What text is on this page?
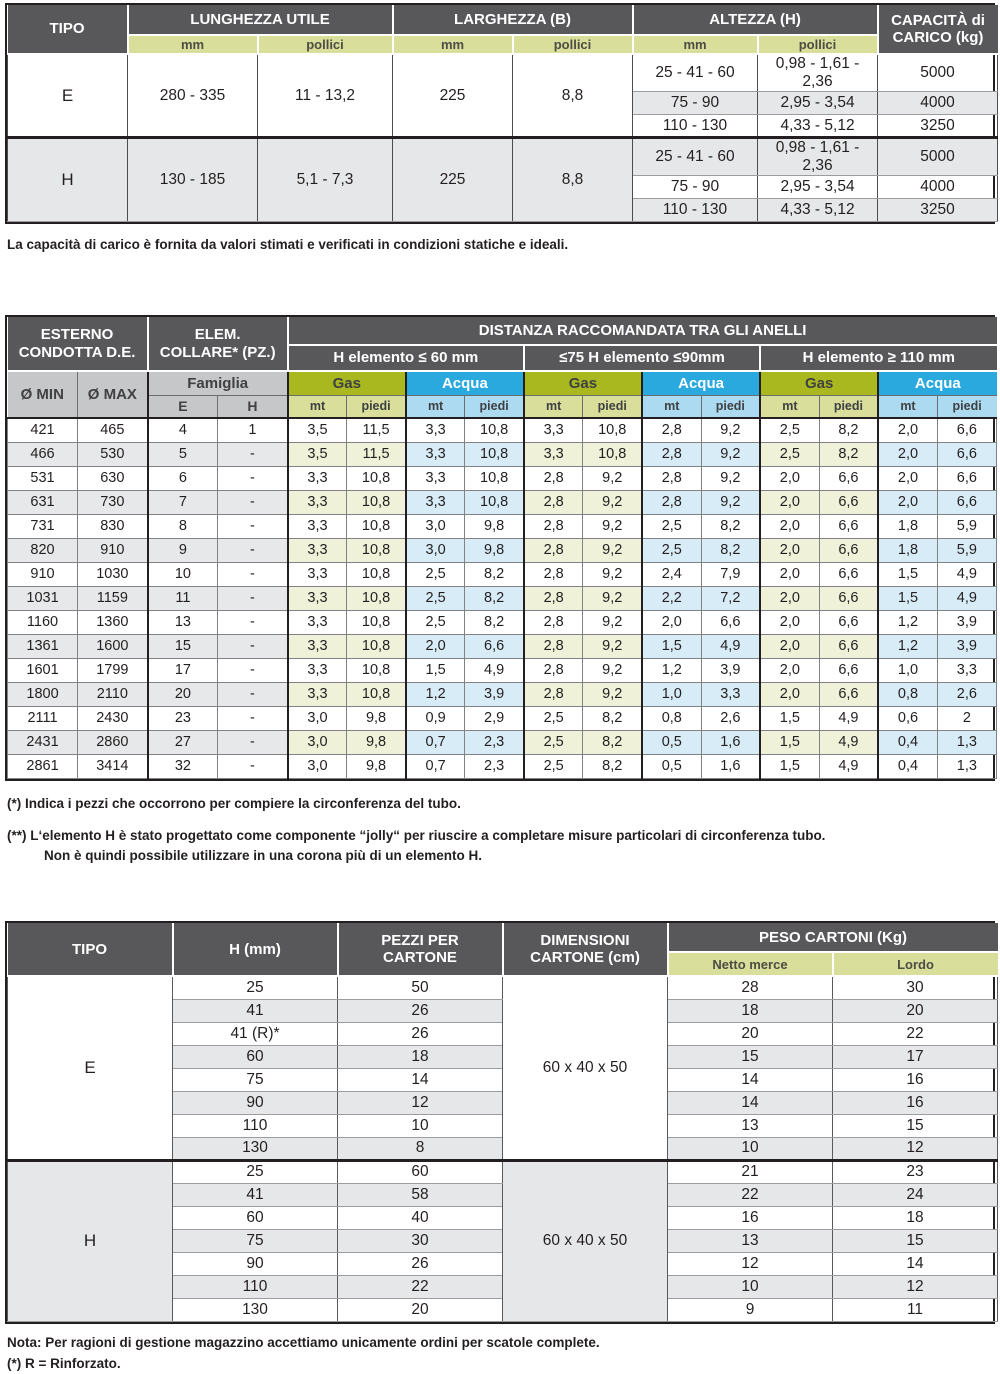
TIPO	LUNGHEZZA UTILE		LARGHEZZA (B)		ALTEZZA (H)		CAPACITÀ di
CARICO (kg)
	mm	pollici	mm	pollici	mm	pollici	
E	280 - 335	11 - 13,2	225	8,8	25 - 41 - 60	0,98 - 1,61 - 2,36	5000
					75 - 90	2,95 - 3,54	4000
					110 - 130	4,33 - 5,12	3250
H	130 - 185	5,1 - 7,3	225	8,8	25 - 41 - 60	0,98 - 1,61 - 2,36	5000
					75 - 90	2,95 - 3,54	4000
					110 - 130	4,33 - 5,12	3250

La capacità di carico è fornita da valori stimati e verificati in condizioni statiche e ideali.

ESTERNO
CONDOTTA D.E.		ELEM.
COLLARE* (PZ.)		DISTANZA RACCOMANDATA TRA GLI ANELLI											
				H elemento ≤ 60 mm				≤75 H elemento ≤90mm				H elemento ≥ 110 mm			
Ø MIN	Ø MAX	Famiglia		Gas		Acqua		Gas		Acqua		Gas		Acqua	
		E	H	mt	piedi	mt	piedi	mt	piedi	mt	piedi	mt	piedi	mt	piedi
421	465	4	1	3,5	11,5	3,3	10,8	3,3	10,8	2,8	9,2	2,5	8,2	2,0	6,6
466	530	5	-	3,5	11,5	3,3	10,8	3,3	10,8	2,8	9,2	2,5	8,2	2,0	6,6
531	630	6	-	3,3	10,8	3,3	10,8	2,8	9,2	2,8	9,2	2,0	6,6	2,0	6,6
631	730	7	-	3,3	10,8	3,3	10,8	2,8	9,2	2,8	9,2	2,0	6,6	2,0	6,6
731	830	8	-	3,3	10,8	3,0	9,8	2,8	9,2	2,5	8,2	2,0	6,6	1,8	5,9
820	910	9	-	3,3	10,8	3,0	9,8	2,8	9,2	2,5	8,2	2,0	6,6	1,8	5,9
910	1030	10	-	3,3	10,8	2,5	8,2	2,8	9,2	2,4	7,9	2,0	6,6	1,5	4,9
1031	1159	11	-	3,3	10,8	2,5	8,2	2,8	9,2	2,2	7,2	2,0	6,6	1,5	4,9
1160	1360	13	-	3,3	10,8	2,5	8,2	2,8	9,2	2,0	6,6	2,0	6,6	1,2	3,9
1361	1600	15	-	3,3	10,8	2,0	6,6	2,8	9,2	1,5	4,9	2,0	6,6	1,2	3,9
1601	1799	17	-	3,3	10,8	1,5	4,9	2,8	9,2	1,2	3,9	2,0	6,6	1,0	3,3
1800	2110	20	-	3,3	10,8	1,2	3,9	2,8	9,2	1,0	3,3	2,0	6,6	0,8	2,6
2111	2430	23	-	3,0	9,8	0,9	2,9	2,5	8,2	0,8	2,6	1,5	4,9	0,6	2
2431	2860	27	-	3,0	9,8	0,7	2,3	2,5	8,2	0,5	1,6	1,5	4,9	0,4	1,3
2861	3414	32	-	3,0	9,8	0,7	2,3	2,5	8,2	0,5	1,6	1,5	4,9	0,4	1,3

(*) Indica i pezzi che occorrono per compiere la circonferenza del tubo.

(**) L‘elemento H è stato progettato come componente “jolly“ per riuscire a completare misure particolari di circonferenza tubo.
Non è quindi possibile utilizzare in una corona più di un elemento H.

TIPO	H (mm)	PEZZI PER
CARTONE	DIMENSIONI
CARTONE (cm)	PESO CARTONI (Kg)	
				Netto merce	Lordo
E	25	50	60 x 40 x 50	28	30
	41	26		18	20
	41 (R)*	26		20	22
	60	18		15	17
	75	14		14	16
	90	12		14	16
	110	10		13	15
	130	8		10	12
H	25	60	60 x 40 x 50	21	23
	41	58		22	24
	60	40		16	18
	75	30		13	15
	90	26		12	14
	110	22		10	12
	130	20		9	11

Nota: Per ragioni di gestione magazzino accettiamo unicamente ordini per scatole complete.

(*) R = Rinforzato.
